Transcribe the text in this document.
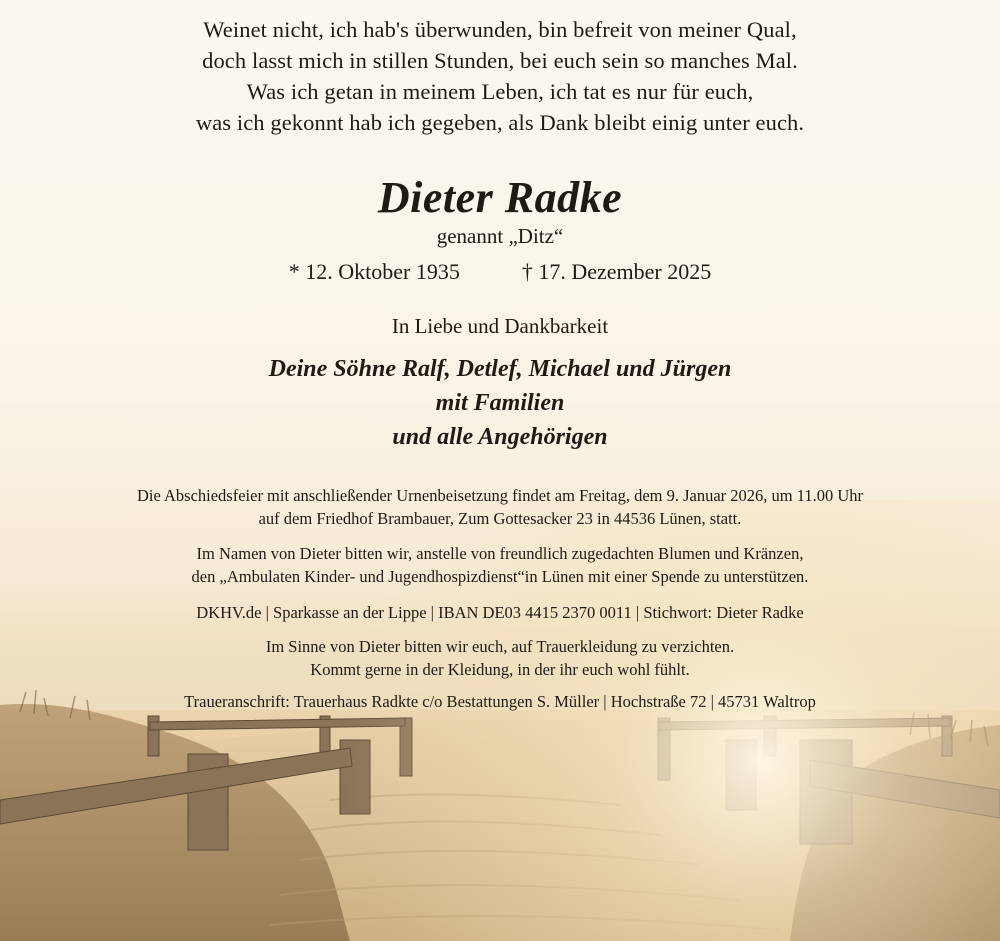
Weinet nicht, ich hab's überwunden, bin befreit von meiner Qual,
doch lasst mich in stillen Stunden, bei euch sein so manches Mal.
Was ich getan in meinem Leben, ich tat es nur für euch,
was ich gekonnt hab ich gegeben, als Dank bleibt einig unter euch.
Dieter Radke
genannt „Ditz“
* 12. Oktober 1935	† 17. Dezember 2025
In Liebe und Dankbarkeit
Deine Söhne Ralf, Detlef, Michael und Jürgen
mit Familien
und alle Angehörigen
Die Abschiedsfeier mit anschließender Urnenbeisetzung findet am Freitag, dem 9. Januar 2026, um 11.00 Uhr
auf dem Friedhof Brambauer, Zum Gottesacker 23 in 44536 Lünen, statt.
Im Namen von Dieter bitten wir, anstelle von freundlich zugedachten Blumen und Kränzen,
den „Ambulaten Kinder- und Jugendhospizdienst“in Lünen mit einer Spende zu unterstützen.
DKHV.de | Sparkasse an der Lippe | IBAN DE03 4415 2370 0011 | Stichwort: Dieter Radke
Im Sinne von Dieter bitten wir euch, auf Trauerkleidung zu verzichten.
Kommt gerne in der Kleidung, in der ihr euch wohl fühlt.
Traueranschrift: Trauerhaus Radkte c/o Bestattungen S. Müller | Hochstraße 72 | 45731 Waltrop
